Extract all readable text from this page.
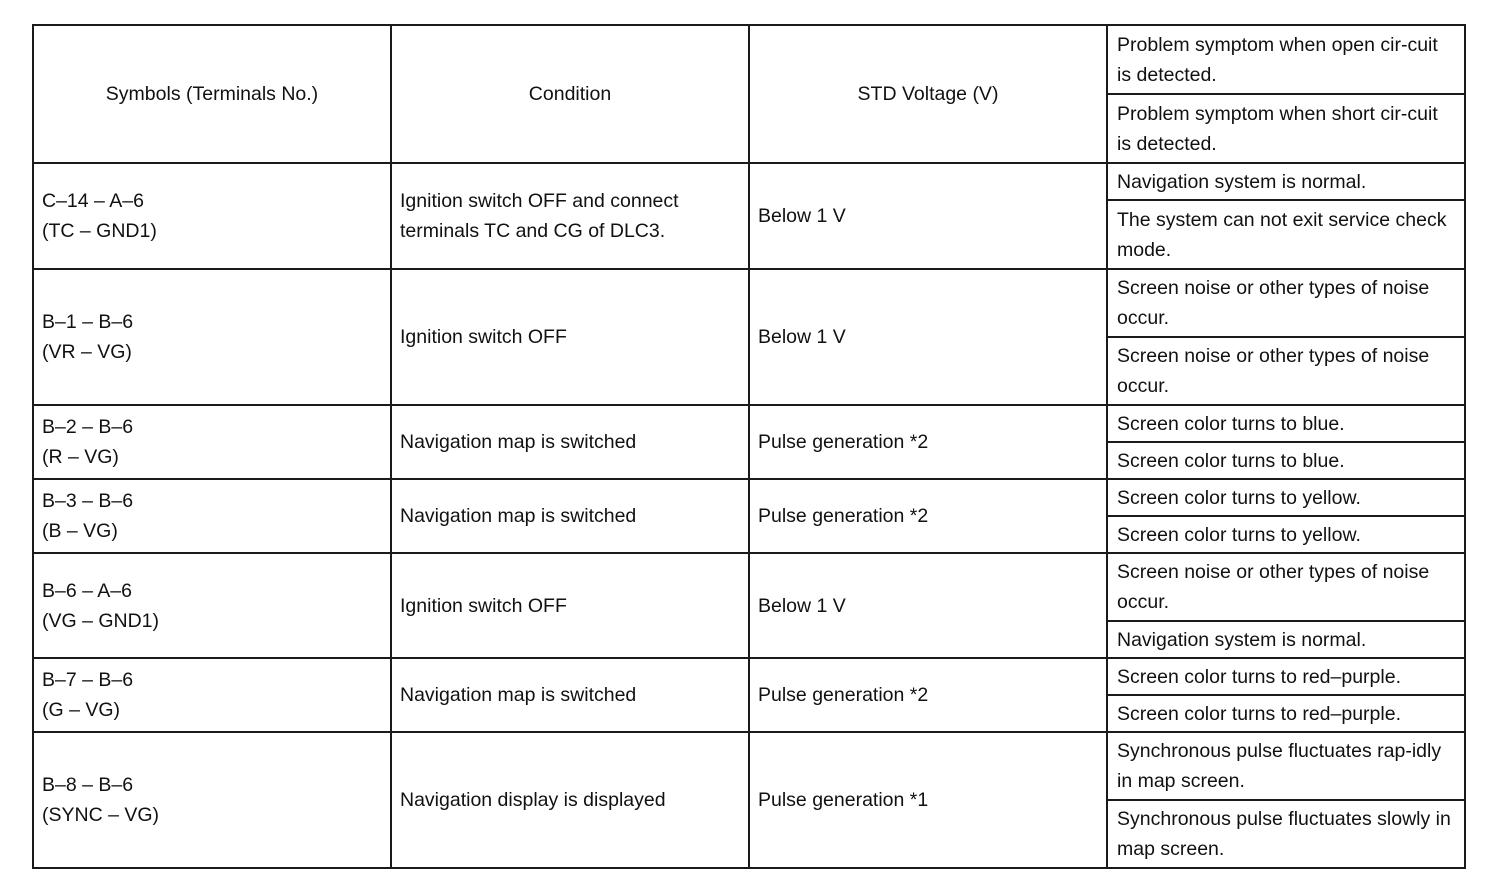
Symbols (Terminals No.)	Condition	STD Voltage (V)	Problem symptom when open cir-cuit is detected.
			Problem symptom when short cir-cuit is detected.

C–14 – A–6
(TC – GND1)	Ignition switch OFF and connect terminals TC and CG of DLC3.	Below 1 V	Navigation system is normal.
			The system can not exit service check mode.

B–1 – B–6
(VR – VG)	Ignition switch OFF	Below 1 V	Screen noise or other types of noise occur.
			Screen noise or other types of noise occur.

B–2 – B–6
(R – VG)	Navigation map is switched	Pulse generation *2	Screen color turns to blue.
			Screen color turns to blue.

B–3 – B–6
(B – VG)	Navigation map is switched	Pulse generation *2	Screen color turns to yellow.
			Screen color turns to yellow.

B–6 – A–6
(VG – GND1)	Ignition switch OFF	Below 1 V	Screen noise or other types of noise occur.
			Navigation system is normal.

B–7 – B–6
(G – VG)	Navigation map is switched	Pulse generation *2	Screen color turns to red–purple.
			Screen color turns to red–purple.

B–8 – B–6
(SYNC – VG)	Navigation display is displayed	Pulse generation *1	Synchronous pulse fluctuates rap-idly in map screen.
			Synchronous pulse fluctuates slowly in map screen.
